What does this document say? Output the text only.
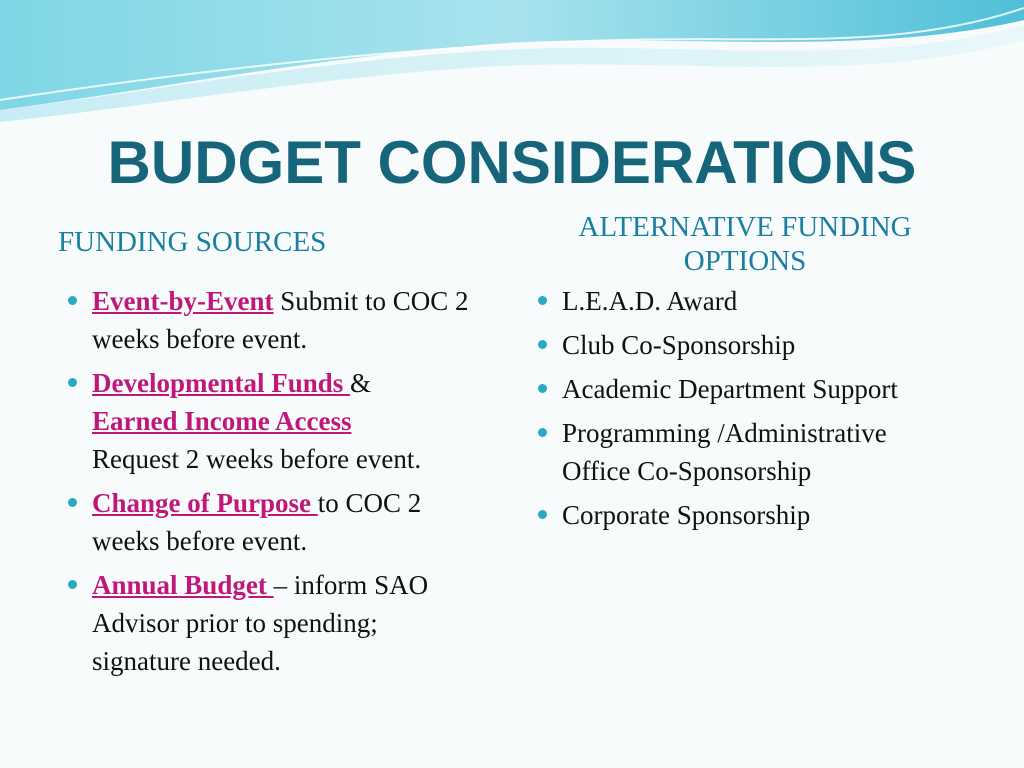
BUDGET CONSIDERATIONS
FUNDING SOURCES	ALTERNATIVE FUNDING OPTIONS
Event-by-Event Submit to COC 2 weeks before event.
Developmental Funds &
Earned Income Access
Request 2 weeks before event.
Change of Purpose to COC 2 weeks before event.
Annual Budget – inform SAO Advisor prior to spending; signature needed.
L.E.A.D. Award
Club Co-Sponsorship
Academic Department Support
Programming /Administrative Office Co-Sponsorship
Corporate Sponsorship
